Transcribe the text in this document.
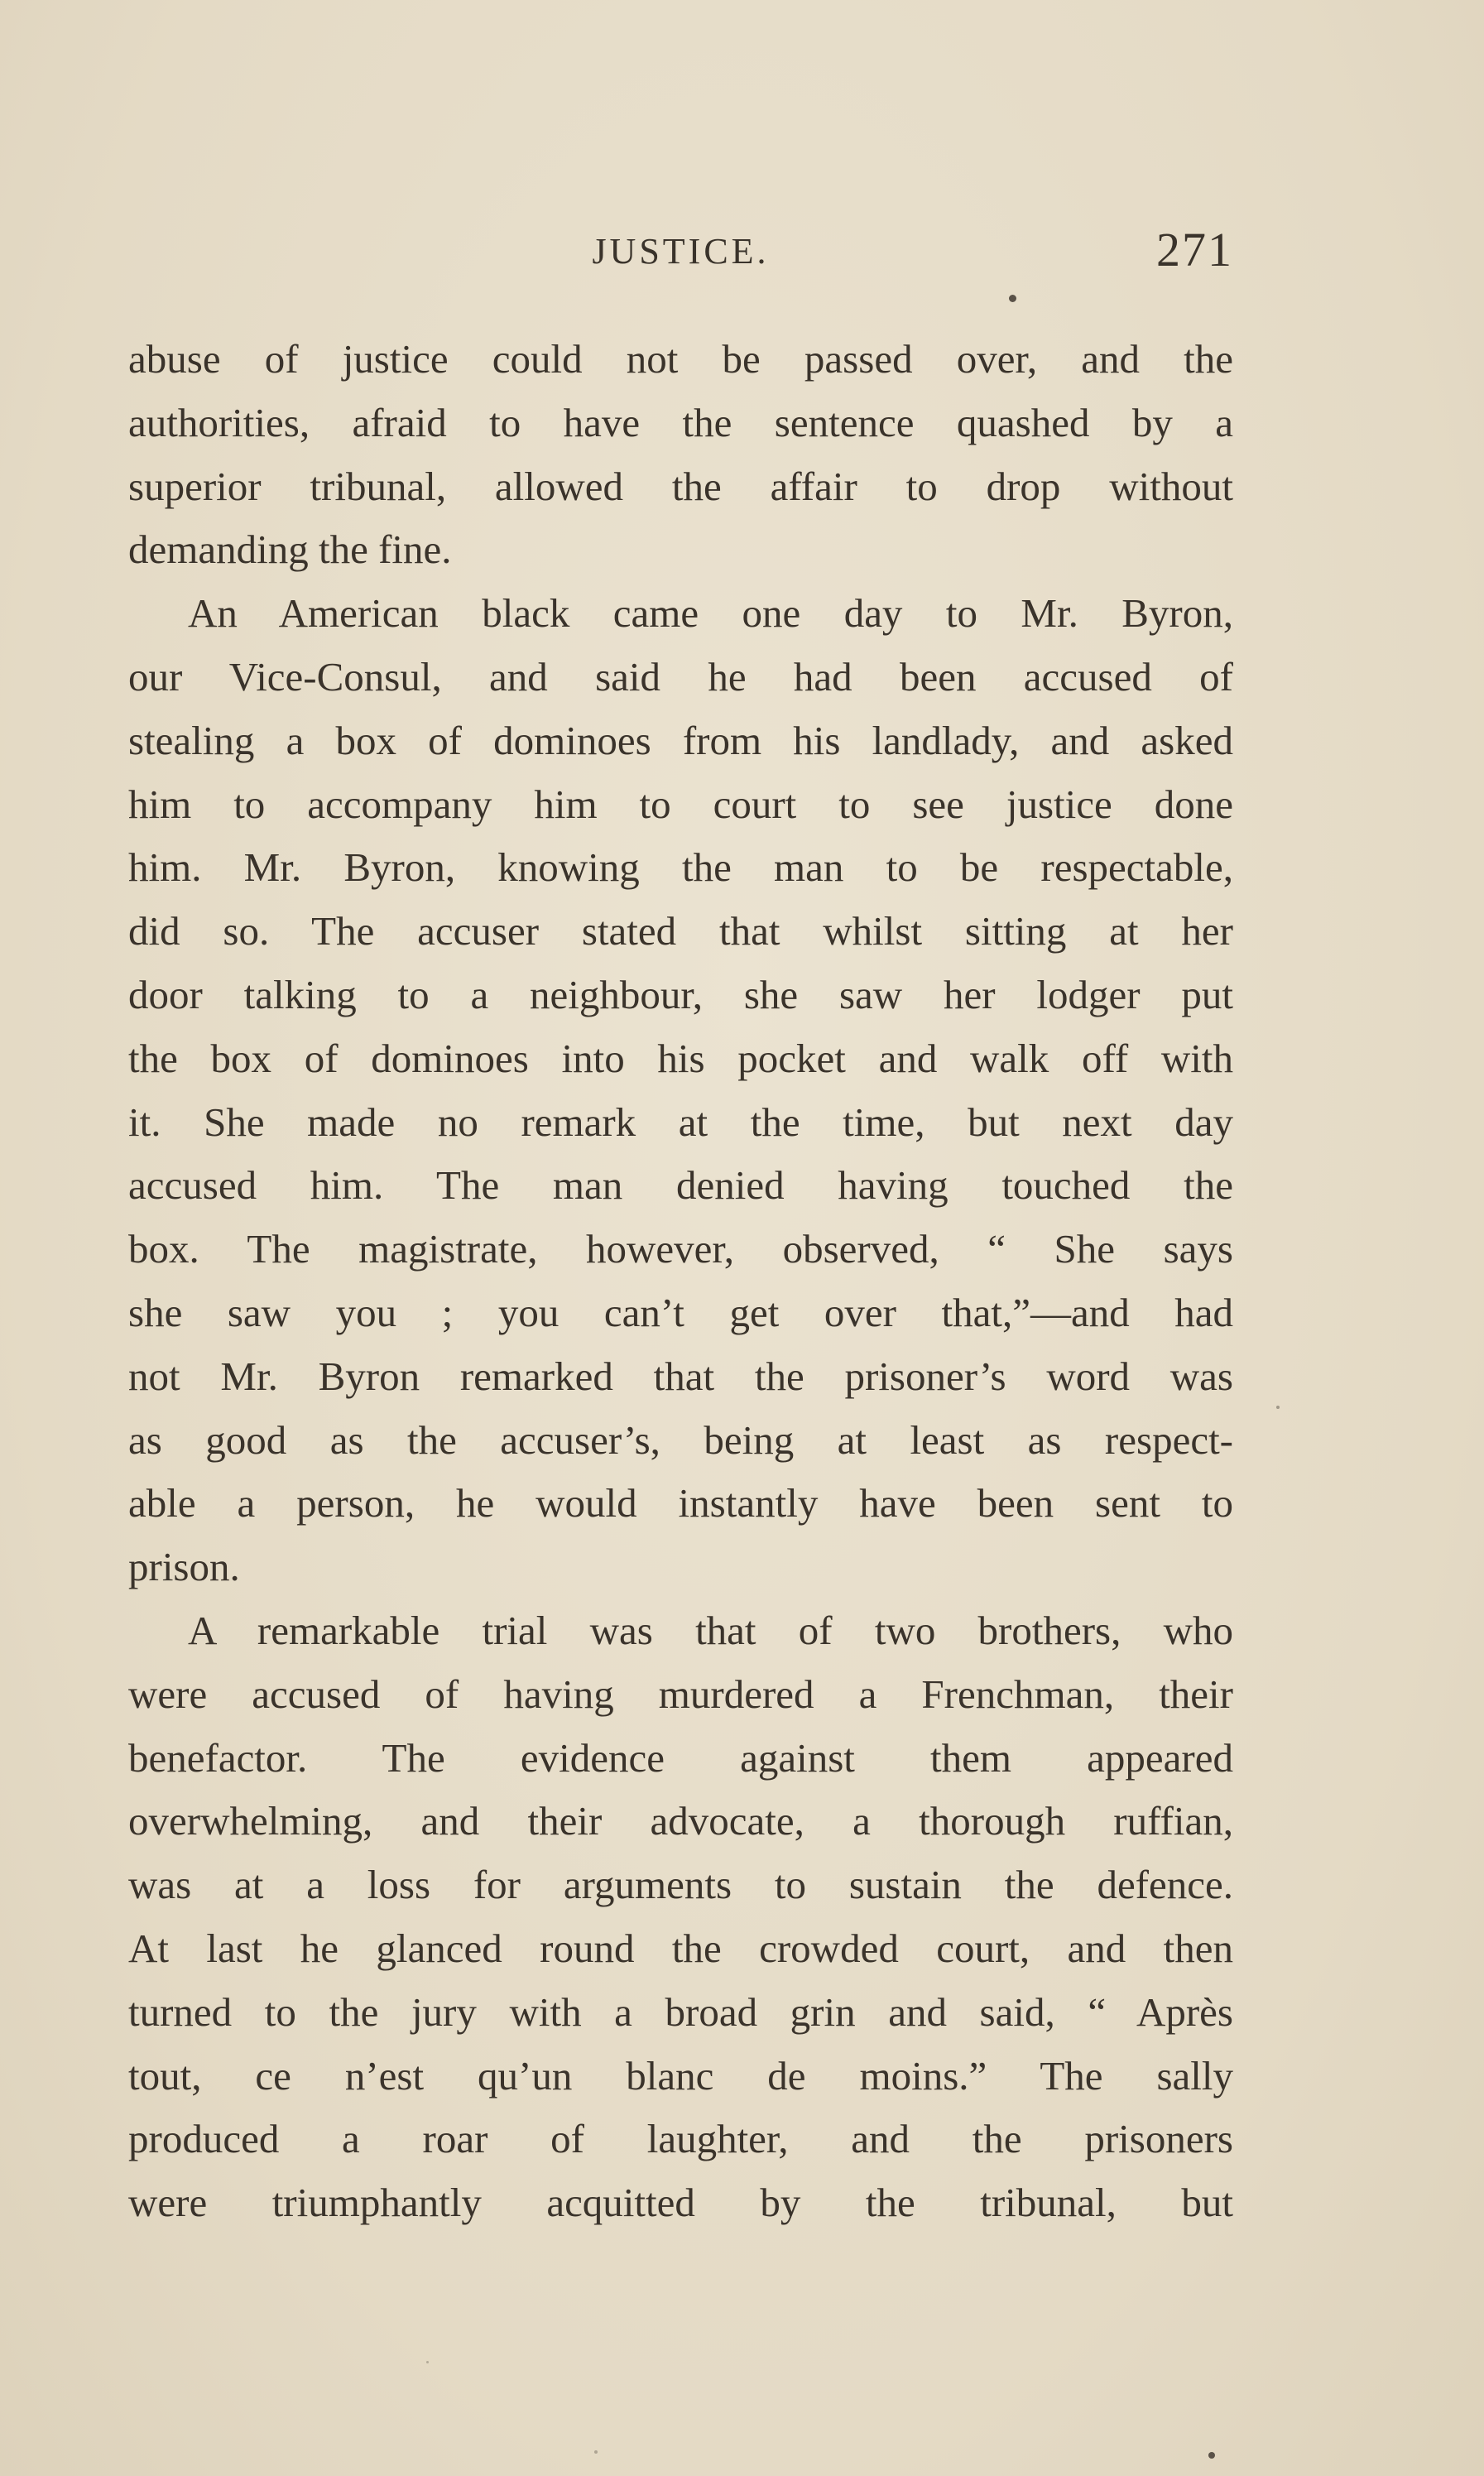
JUSTICE.	271
abuse of justice could not be passed over, and the
authorities, afraid to have the sentence quashed by a
superior tribunal, allowed the affair to drop without
demanding the fine.
An American black came one day to Mr. Byron,
our Vice-Consul, and said he had been accused of
stealing a box of dominoes from his landlady, and asked
him to accompany him to court to see justice done
him. Mr. Byron, knowing the man to be respectable,
did so. The accuser stated that whilst sitting at her
door talking to a neighbour, she saw her lodger put
the box of dominoes into his pocket and walk off with
it. She made no remark at the time, but next day
accused him. The man denied having touched the
box. The magistrate, however, observed, “ She says
she saw you ; you can’t get over that,”—and had
not Mr. Byron remarked that the prisoner’s word was
as good as the accuser’s, being at least as respect-
able a person, he would instantly have been sent to
prison.
A remarkable trial was that of two brothers, who
were accused of having murdered a Frenchman, their
benefactor. The evidence against them appeared
overwhelming, and their advocate, a thorough ruffian,
was at a loss for arguments to sustain the defence.
At last he glanced round the crowded court, and then
turned to the jury with a broad grin and said, “ Après
tout, ce n’est qu’un blanc de moins.” The sally
produced a roar of laughter, and the prisoners
were triumphantly acquitted by the tribunal, but
